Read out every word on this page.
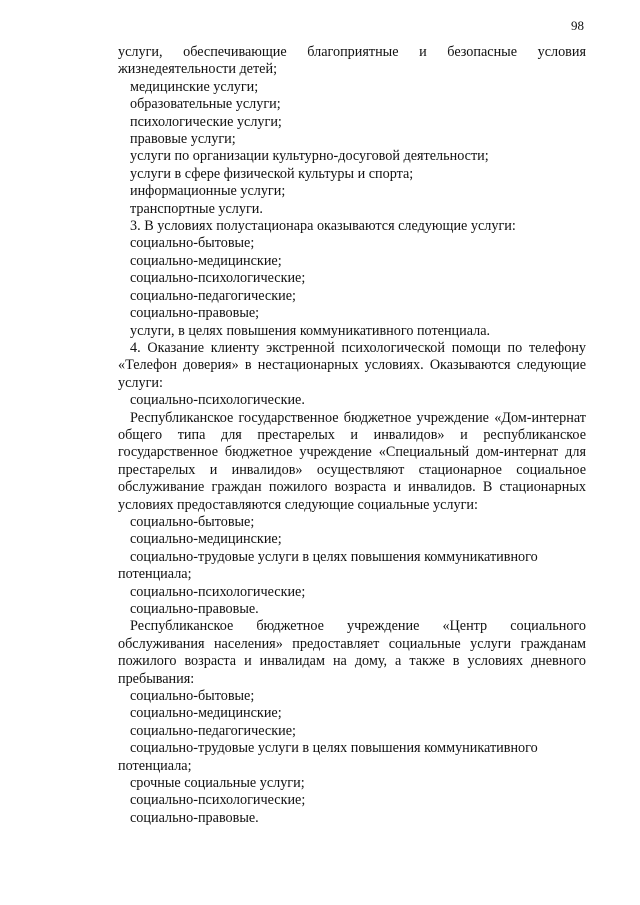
98

услуги, обеспечивающие благоприятные и безопасные условия жизнедеятельности детей;

медицинские услуги;

образовательные услуги;

психологические услуги;

правовые услуги;

услуги по организации культурно-досуговой деятельности;

услуги в сфере физической культуры и спорта;

информационные услуги;

транспортные услуги.

3. В условиях полустационара оказываются следующие услуги:

социально-бытовые;

социально-медицинские;

социально-психологические;

социально-педагогические;

социально-правовые;

услуги, в целях повышения коммуникативного потенциала.

4. Оказание клиенту экстренной психологической помощи по телефону «Телефон доверия» в нестационарных условиях. Оказываются следующие услуги:

социально-психологические.

Республиканское государственное бюджетное учреждение «Дом-интернат общего типа для престарелых и инвалидов» и республиканское государственное бюджетное учреждение «Специальный дом-интернат для престарелых и инвалидов» осуществляют стационарное социальное обслуживание граждан пожилого возраста и инвалидов. В стационарных условиях предоставляются следующие социальные услуги:

социально-бытовые;

социально-медицинские;

социально-трудовые услуги в целях повышения коммуникативного потенциала;

социально-психологические;

социально-правовые.

Республиканское бюджетное учреждение «Центр социального обслуживания населения» предоставляет социальные услуги гражданам пожилого возраста и инвалидам на дому, а также в условиях дневного пребывания:

социально-бытовые;

социально-медицинские;

социально-педагогические;

социально-трудовые услуги в целях повышения коммуникативного потенциала;

срочные социальные услуги;

социально-психологические;

социально-правовые.
